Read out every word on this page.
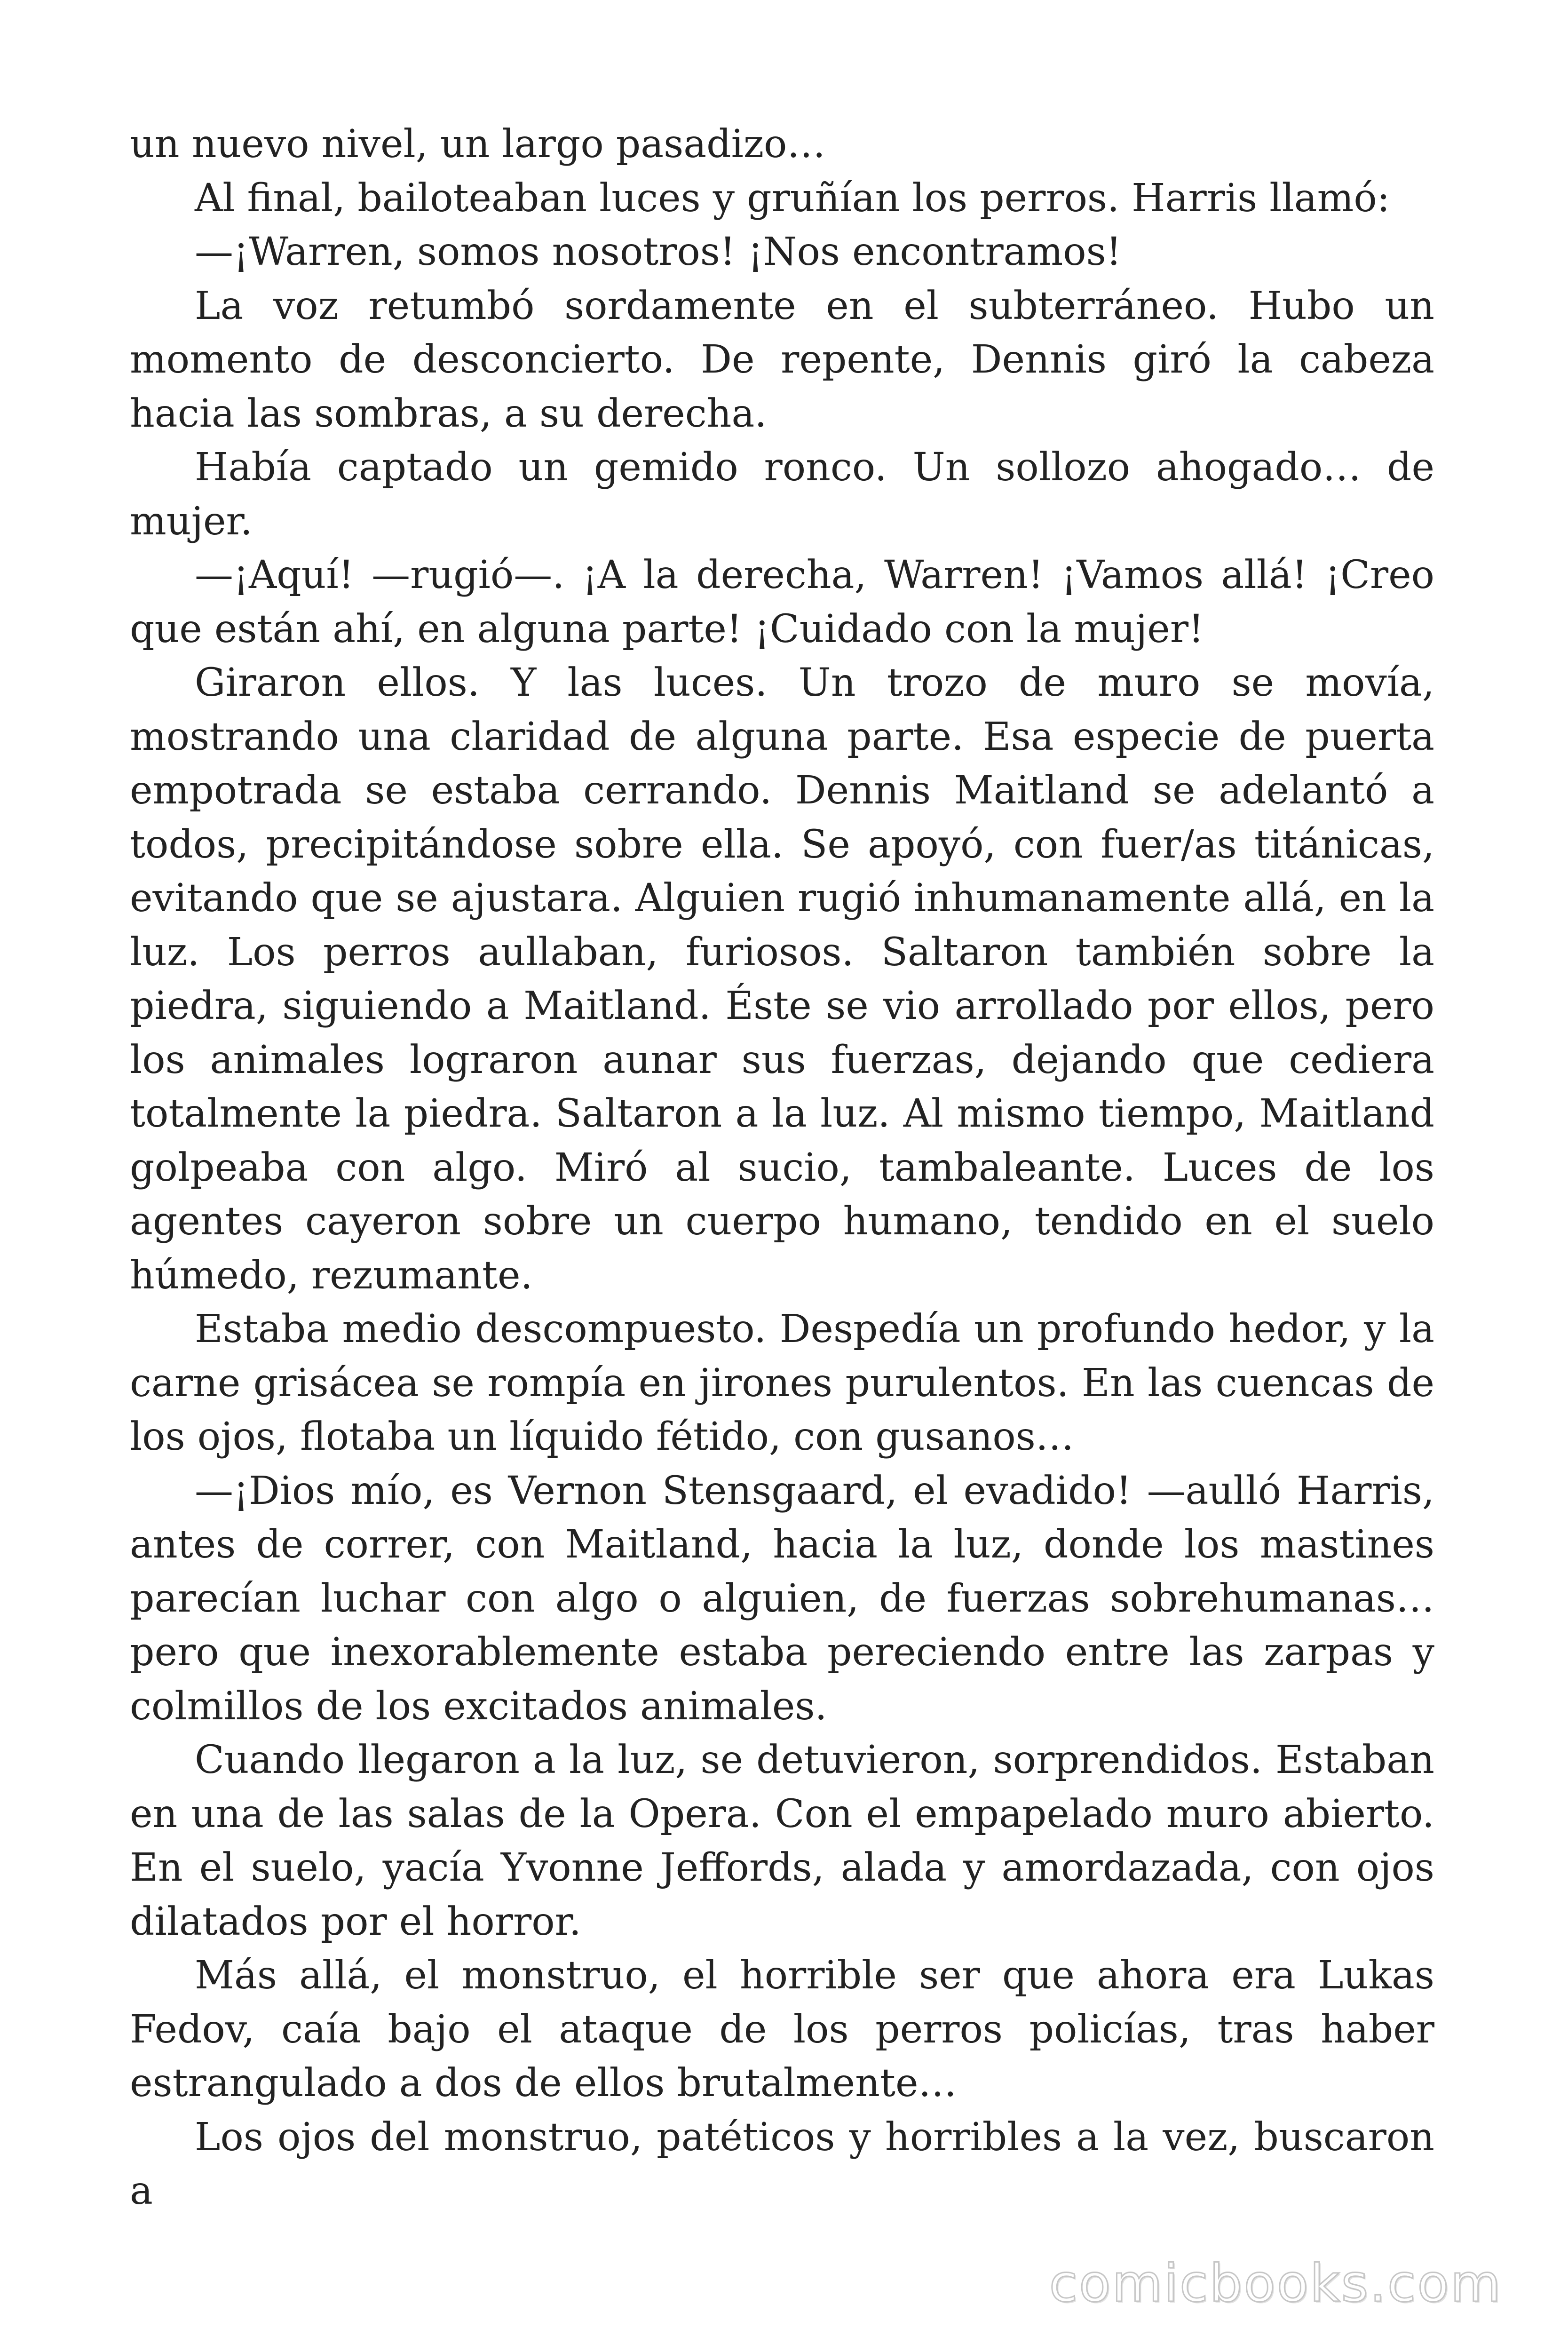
un nuevo nivel, un largo pasadizo…

Al final, bailoteaban luces y gruñían los perros. Harris llamó:

—¡Warren, somos nosotros! ¡Nos encontramos!

La voz retumbó sordamente en el subterráneo. Hubo un momento de desconcierto. De repente, Dennis giró la cabeza hacia las sombras, a su derecha.

Había captado un gemido ronco. Un sollozo ahogado… de mujer.

—¡Aquí! —rugió—. ¡A la derecha, Warren! ¡Vamos allá! ¡Creo que están ahí, en alguna parte! ¡Cuidado con la mujer!

Giraron ellos. Y las luces. Un trozo de muro se movía, mostrando una claridad de alguna parte. Esa especie de puerta empotrada se estaba cerrando. Dennis Maitland se adelantó a todos, precipitándose sobre ella. Se apoyó, con fuer/as titánicas, evitando que se ajustara. Alguien rugió inhumanamente allá, en la luz. Los perros aullaban, furiosos. Saltaron también sobre la piedra, siguiendo a Maitland. Éste se vio arrollado por ellos, pero los animales lograron aunar sus fuerzas, dejando que cediera totalmente la piedra. Saltaron a la luz. Al mismo tiempo, Maitland golpeaba con algo. Miró al sucio, tambaleante. Luces de los agentes cayeron sobre un cuerpo humano, tendido en el suelo húmedo, rezumante.

Estaba medio descompuesto. Despedía un profundo hedor, y la carne grisácea se rompía en jirones purulentos. En las cuencas de los ojos, flotaba un líquido fétido, con gusanos…

—¡Dios mío, es Vernon Stensgaard, el evadido! —aulló Harris, antes de correr, con Maitland, hacia la luz, donde los mastines parecían luchar con algo o alguien, de fuerzas sobrehumanas… pero que inexorablemente estaba pereciendo entre las zarpas y colmillos de los excitados animales.

Cuando llegaron a la luz, se detuvieron, sorprendidos. Estaban en una de las salas de la Opera. Con el empapelado muro abierto. En el suelo, yacía Yvonne Jeffords, alada y amordazada, con ojos dilatados por el horror.

Más allá, el monstruo, el horrible ser que ahora era Lukas Fedov, caía bajo el ataque de los perros policías, tras haber estrangulado a dos de ellos brutalmente…

Los ojos del monstruo, patéticos y horribles a la vez, buscaron a

comicbooks.com
